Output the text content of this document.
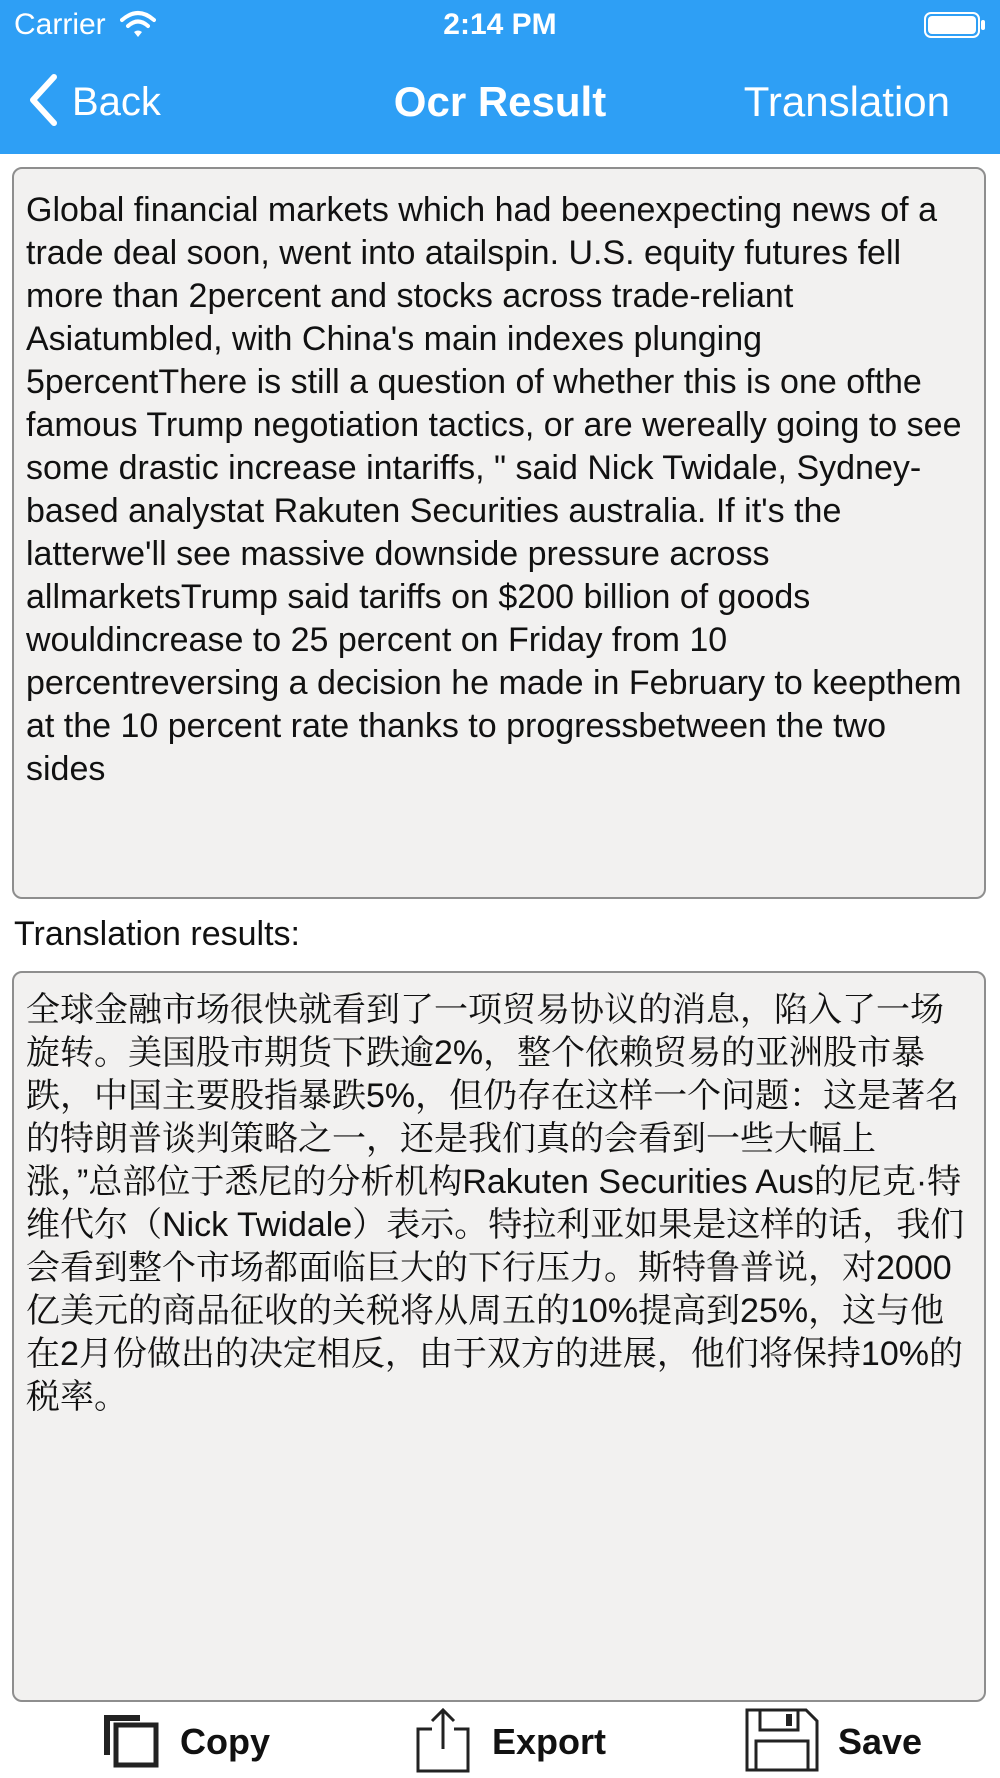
Carrier	2:14 PM
Back	Ocr Result	Translation
Global financial markets which had beenexpecting news of a trade deal soon, went into atailspin. U.S. equity futures fell more than 2percent and stocks across trade-reliant Asiatumbled, with China's main indexes plunging 5percentThere is still a question of whether this is one ofthe famous Trump negotiation tactics, or are wereally going to see some drastic increase intariffs, " said Nick Twidale, Sydney-based analystat Rakuten Securities australia. If it's the latterwe'll see massive downside pressure across allmarketsTrump said tariffs on $200 billion of goods wouldincrease to 25 percent on Friday from 10 percentreversing a decision he made in February to keepthem at the 10 percent rate thanks to progressbetween the two sides
Translation results:
全球金融市场很快就看到了一项贸易协议的消息，陷入了一场旋转。美国股市期货下跌逾2%，整个依赖贸易的亚洲股市暴跌，中国主要股指暴跌5%，但仍存在这样一个问题：这是著名的特朗普谈判策略之一，还是我们真的会看到一些大幅上涨，”总部位于悉尼的分析机构Rakuten Securities Aus的尼克·特维代尔（Nick Twidale）表示。特拉利亚如果是这样的话，我们会看到整个市场都面临巨大的下行压力。斯特鲁普说，对2000亿美元的商品征收的关税将从周五的10%提高到25%，这与他在2月份做出的决定相反，由于双方的进展，他们将保持10%的税率。
Copy	Export	Save
